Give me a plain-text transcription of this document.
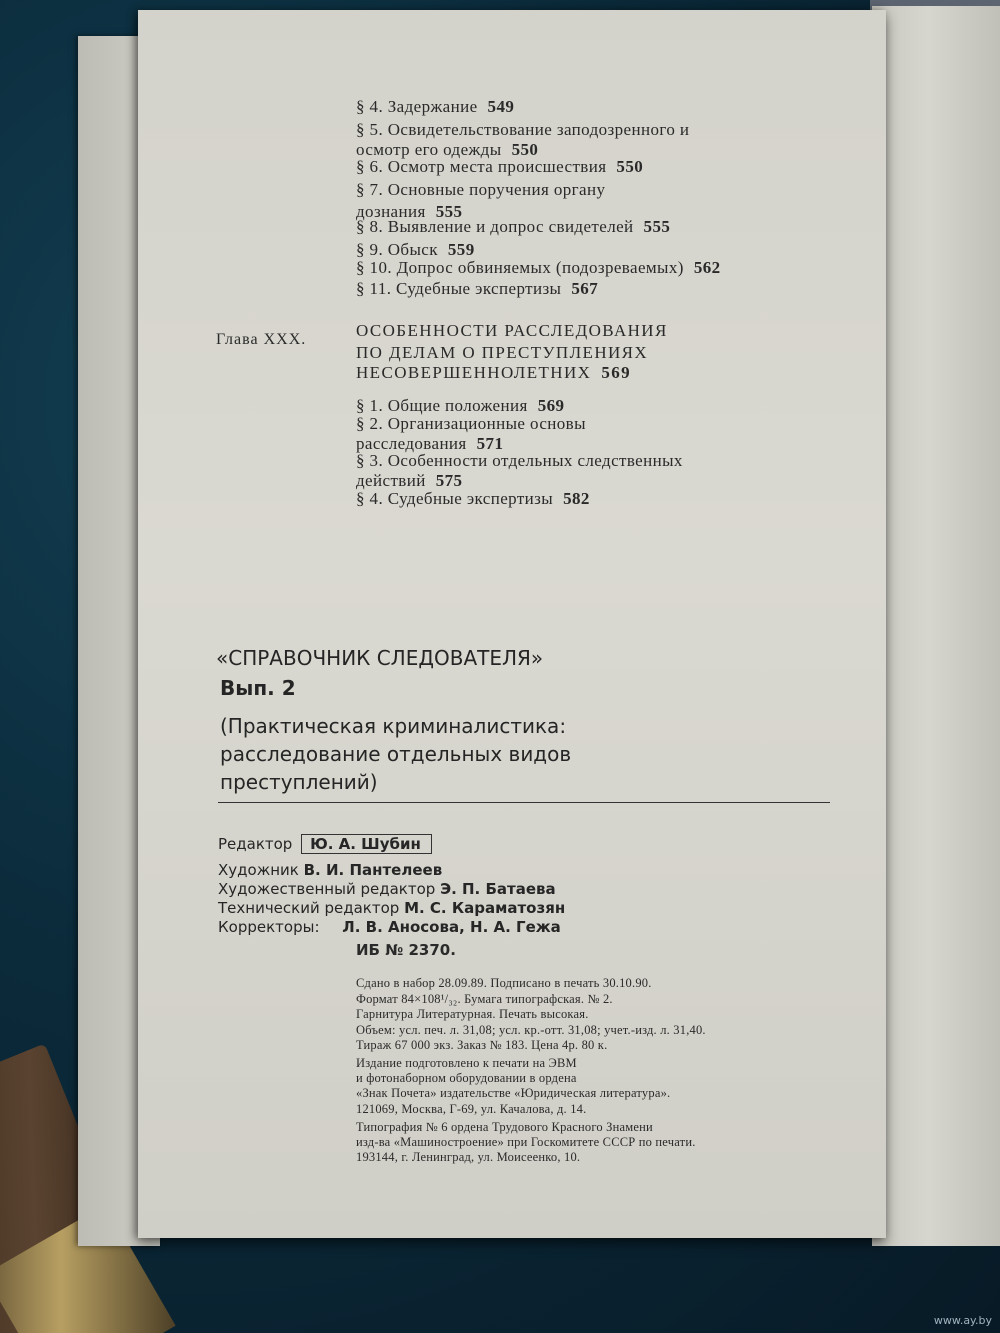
§ 4. Задержание 549
§ 5. Освидетельствование заподозренного и
осмотр его одежды 550
§ 6. Осмотр места происшествия 550
§ 7. Основные поручения органу
дознания 555
§ 8. Выявление и допрос свидетелей 555
§ 9. Обыск 559
§ 10. Допрос обвиняемых (подозреваемых) 562
§ 11. Судебные экспертизы 567
Глава XXX.	ОСОБЕННОСТИ РАССЛЕДОВАНИЯ
ПО ДЕЛАМ О ПРЕСТУПЛЕНИЯХ
НЕСОВЕРШЕННОЛЕТНИХ 569
§ 1. Общие положения 569
§ 2. Организационные основы
расследования 571
§ 3. Особенности отдельных следственных
действий 575
§ 4. Судебные экспертизы 582
«СПРАВОЧНИК СЛЕДОВАТЕЛЯ»
Вып. 2
(Практическая криминалистика:
расследование отдельных видов
преступлений)
Редактор Ю. А. Шубин
Художник В. И. Пантелеев
Художественный редактор Э. П. Батаева
Технический редактор М. С. Караматозян
Корректоры: Л. В. Аносова, Н. А. Гежа
ИБ № 2370.
Сдано в набор 28.09.89. Подписано в печать 30.10.90.
Формат 84×108¹/₃₂. Бумага типографская. № 2.
Гарнитура Литературная. Печать высокая.
Объем: усл. печ. л. 31,08; усл. кр.-отт. 31,08; учет.-изд. л. 31,40.
Тираж 67 000 экз. Заказ № 183. Цена 4р. 80 к.
Издание подготовлено к печати на ЭВМ
и фотонаборном оборудовании в ордена
«Знак Почета» издательстве «Юридическая литература».
121069, Москва, Г-69, ул. Качалова, д. 14.
Типография № 6 ордена Трудового Красного Знамени
изд-ва «Машиностроение» при Госкомитете СССР по печати.
193144, г. Ленинград, ул. Моисеенко, 10.
www.ay.by
